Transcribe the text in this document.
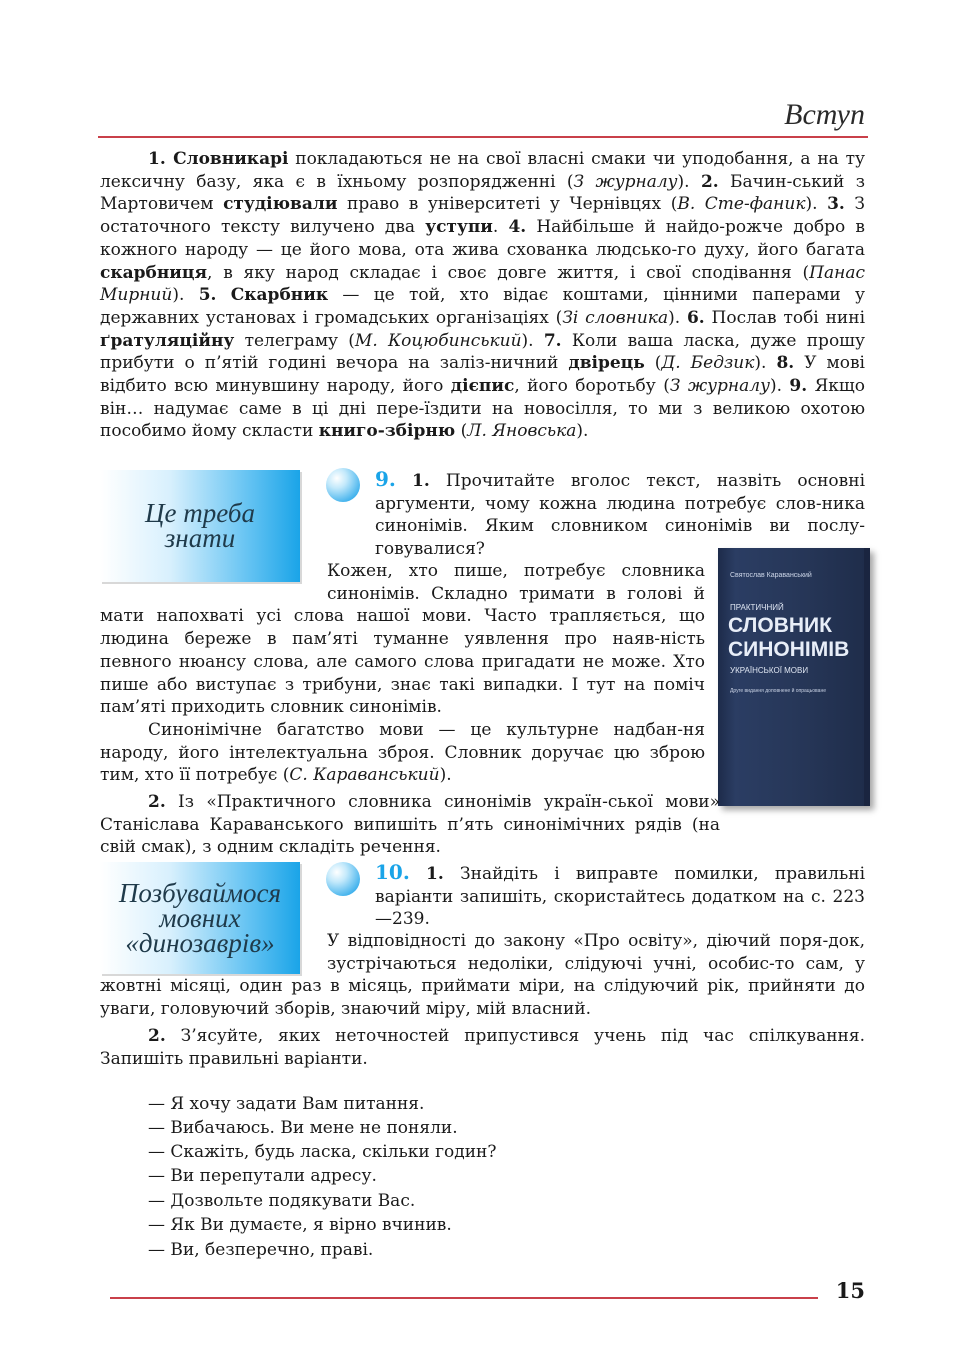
Вступ

1. Словникарі покладаються не на свої власні смаки чи уподобання, а на ту лексичну базу, яка є в їхньому розпорядженні (З журналу). 2. Бачин-ський з Мартовичем студіювали право в університеті у Чернівцях (В. Сте-фаник). 3. З остаточного тексту вилучено два уступи. 4. Найбільше й найдо-рожче добро в кожного народу — це його мова, ота жива схованка людсько-го духу, його багата скарбниця, в яку народ складає і своє довге життя, і свої сподівання (Панас Мирний). 5. Скарбник — це той, хто відає коштами, цінними паперами у державних установах і громадських організаціях (Зі словника). 6. Послав тобі нині ґратуляційну телеграму (М. Коцюбинський). 7. Коли ваша ласка, дуже прошу прибути о п’ятій годині вечора на заліз-ничний двірець (Д. Бедзик). 8. У мові відбито всю минувшину народу, його дієпис, його боротьбу (З журналу). 9. Якщо він… надумає саме в ці дні пере-їздити на новосілля, то ми з великою охотою пособимо йому скласти книго-збірню (Л. Яновська).

Це треба
знати

9. 1. Прочитайте вголос текст, назвіть основні аргументи, чому кожна людина потребує слов-ника синонімів. Яким словником синонімів ви послу-говувалися?

Святослав Караванський
ПРАКТИЧНИЙ
СЛОВНИК
СИНОНІМІВ
УКРАЇНСЬКОЇ МОВИ
Друге видання доповнене й опрацьоване

Кожен, хто пише, потребує словника синонімів. Складно тримати в голові й мати напохваті усі слова нашої мови. Часто трапляється, що людина береже в пам’яті туманне уявлення про наяв-ність певного нюансу слова, але самого слова пригадати не може. Хто пише або виступає з трибуни, знає такі випадки. І тут на поміч пам’яті приходить словник синонімів.

Синонімічне багатство мови — це культурне надбан-ня народу, його інтелектуальна зброя. Словник доручає цю зброю тим, хто її потребує (С. Караванський).

2. Із «Практичного словника синонімів україн-ської мови» Станіслава Караванського випишіть п’ять синонімічних рядів (на свій смак), з одним складіть речення.

Позбуваймося
мовних
«динозаврів»

10. 1. Знайдіть і виправте помилки, правильні варіанти запишіть, скористайтесь додатком на с. 223—239.

У відповідності до закону «Про освіту», діючий поря-док, зустрічаються недоліки, слідуючі учні, особис-то сам, у жовтні місяці, один раз в місяць, приймати міри, на слідуючий рік, прийняти до уваги, головуючий зборів, знаючий міру, мій власний.

2. З’ясуйте, яких неточностей припустився учень під час спілкування. Запишіть правильні варіанти.

— Я хочу задати Вам питання.
— Вибачаюсь. Ви мене не поняли.
— Скажіть, будь ласка, скільки годин?
— Ви перепутали адресу.
— Дозвольте подякувати Вас.
— Як Ви думаєте, я вірно вчинив.
— Ви, безперечно, праві.
15
